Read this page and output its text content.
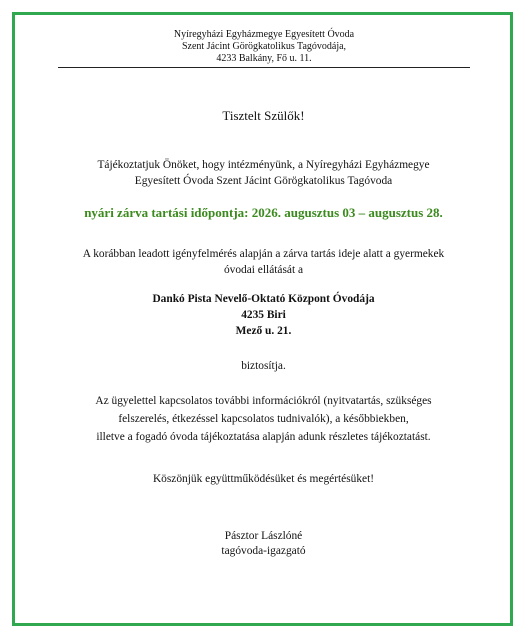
Nyíregyházi Egyházmegye Egyesített Óvoda
Szent Jácint Görögkatolikus Tagóvodája,
4233 Balkány, Fő u. 11.
Tisztelt Szülők!
Tájékoztatjuk Önöket, hogy intézményünk, a Nyíregyházi Egyházmegye
Egyesített Óvoda Szent Jácint Görögkatolikus Tagóvoda
nyári zárva tartási időpontja: 2026. augusztus 03 – augusztus 28.
A korábban leadott igényfelmérés alapján a zárva tartás ideje alatt a gyermekek
óvodai ellátását a
Dankó Pista Nevelő-Oktató Központ Óvodája
4235 Biri
Mező u. 21.
biztosítja.
Az ügyelettel kapcsolatos további információkról (nyitvatartás, szükséges
felszerelés, étkezéssel kapcsolatos tudnivalók), a későbbiekben,
illetve a fogadó óvoda tájékoztatása alapján adunk részletes tájékoztatást.
Köszönjük együttműködésüket és megértésüket!
Pásztor Lászlóné
tagóvoda-igazgató
